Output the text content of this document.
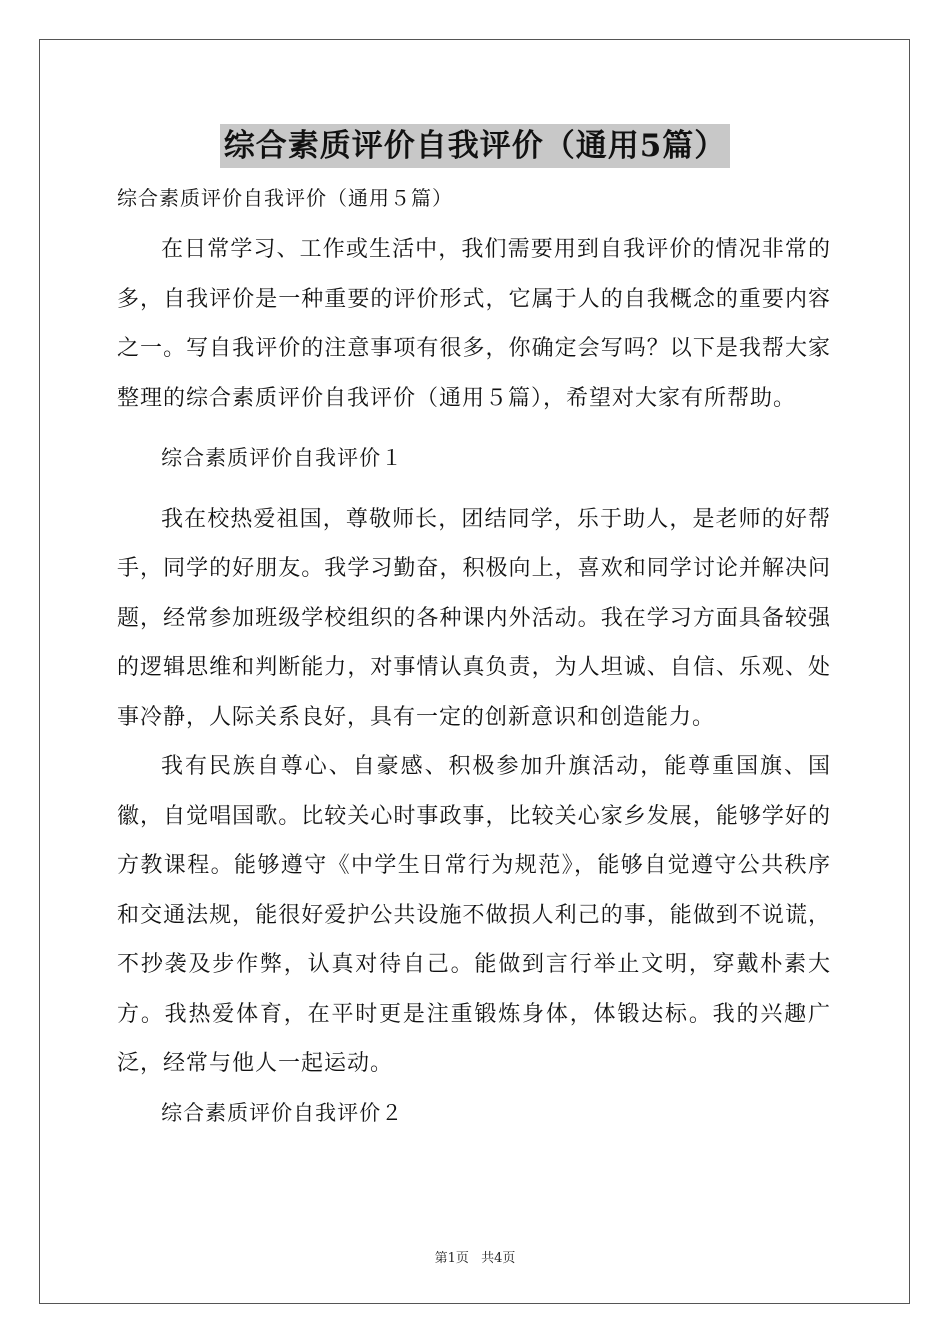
综合素质评价自我评价（通用5篇）

综合素质评价自我评价（通用５篇）

在日常学习、工作或生活中，我们需要用到自我评价的情况非常的多，自我评价是一种重要的评价形式，它属于人的自我概念的重要内容之一。写自我评价的注意事项有很多，你确定会写吗？以下是我帮大家整理的综合素质评价自我评价（通用５篇），希望对大家有所帮助。

综合素质评价自我评价１

我在校热爱祖国，尊敬师长，团结同学，乐于助人，是老师的好帮手，同学的好朋友。我学习勤奋，积极向上，喜欢和同学讨论并解决问题，经常参加班级学校组织的各种课内外活动。我在学习方面具备较强的逻辑思维和判断能力，对事情认真负责，为人坦诚、自信、乐观、处事冷静，人际关系良好，具有一定的创新意识和创造能力。

我有民族自尊心、自豪感、积极参加升旗活动，能尊重国旗、国徽，自觉唱国歌。比较关心时事政事，比较关心家乡发展，能够学好的方教课程。能够遵守《中学生日常行为规范》，能够自觉遵守公共秩序和交通法规，能很好爱护公共设施不做损人利己的事，能做到不说谎，不抄袭及步作弊，认真对待自己。能做到言行举止文明，穿戴朴素大方。我热爱体育，在平时更是注重锻炼身体，体锻达标。我的兴趣广泛，经常与他人一起运动。

综合素质评价自我评价２

第1页 共4页
